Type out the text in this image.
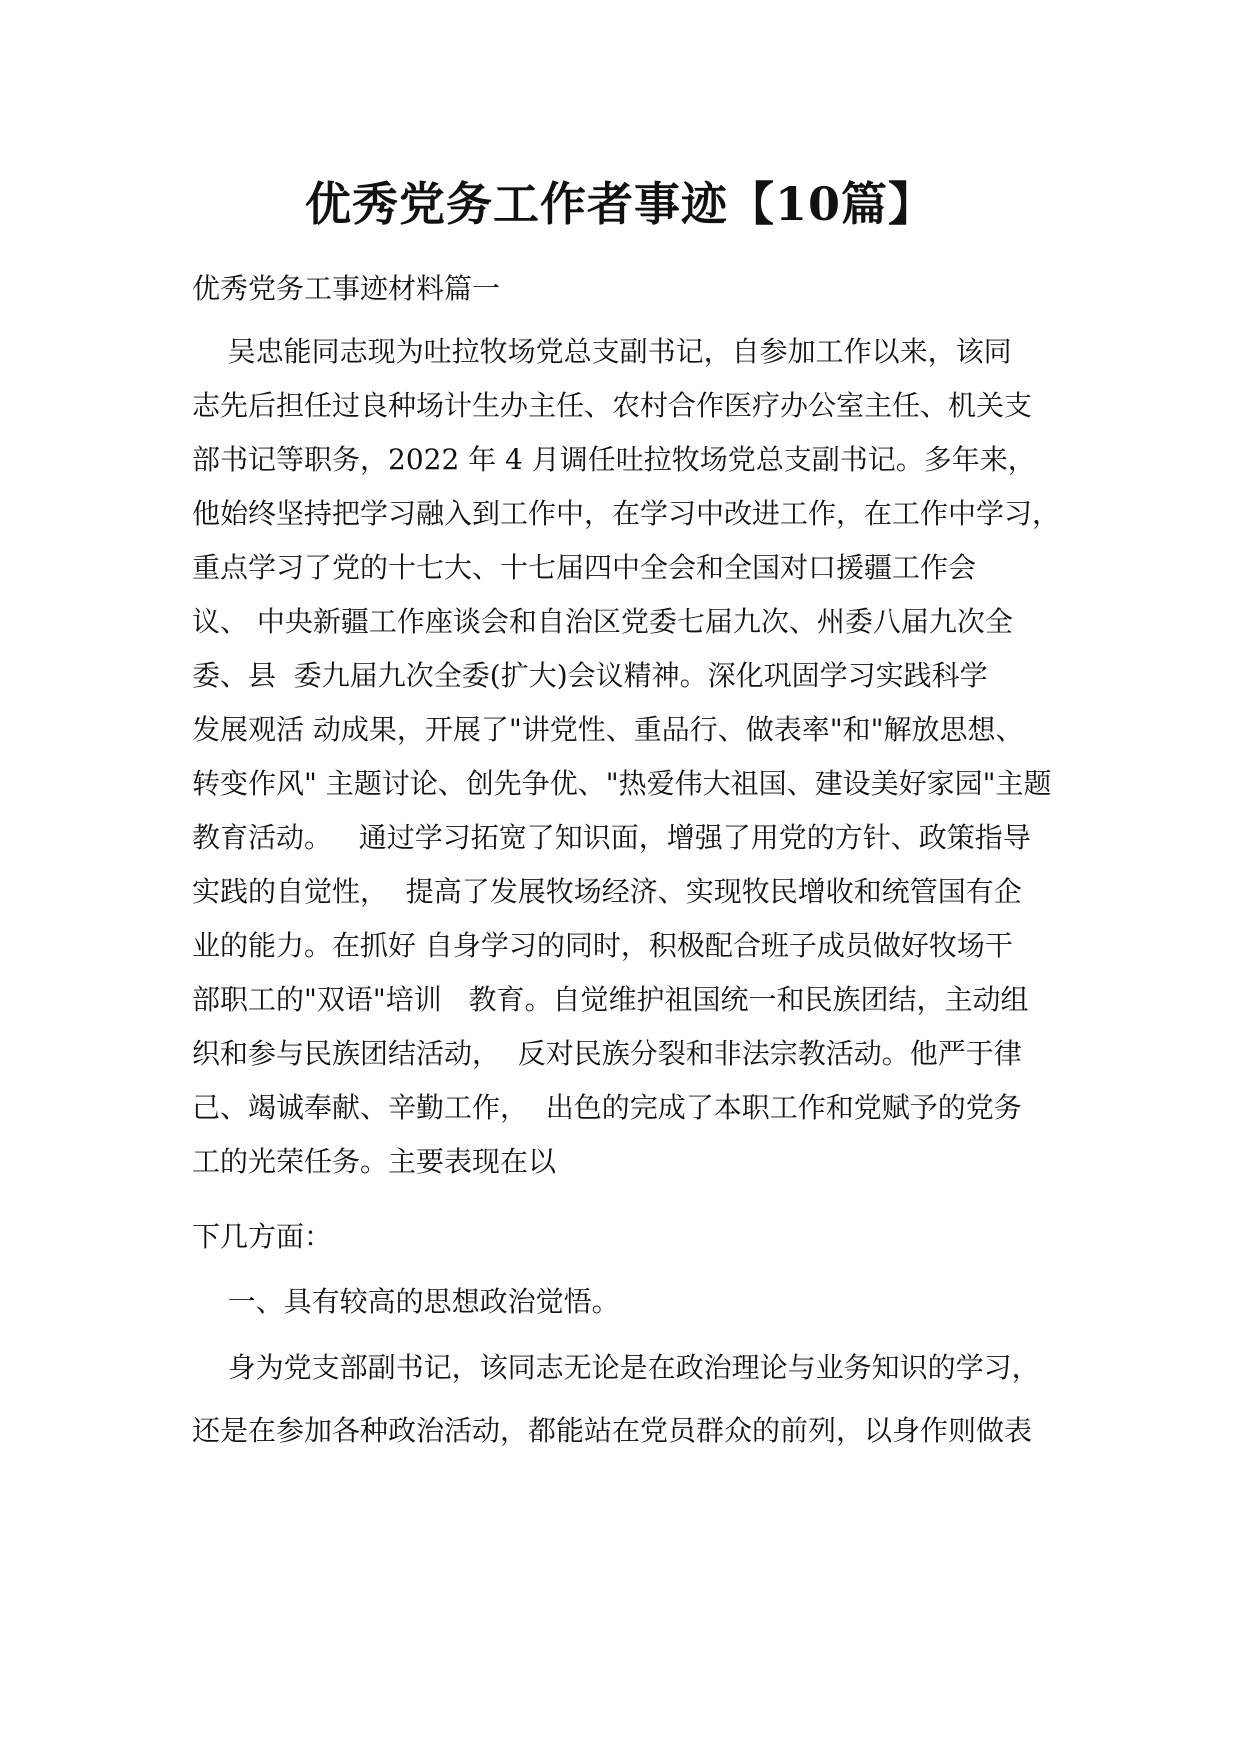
优秀党务工作者事迹【10篇】
优秀党务工事迹材料篇一
吴忠能同志现为吐拉牧场党总支副书记，自参加工作以来，该同
志先后担任过良种场计生办主任、农村合作医疗办公室主任、机关支
部书记等职务，2022 年 4 月调任吐拉牧场党总支副书记。多年来，
他始终坚持把学习融入到工作中，在学习中改进工作，在工作中学习，
重点学习了党的十七大、十七届四中全会和全国对口援疆工作会
议、 中央新疆工作座谈会和自治区党委七届九次、州委八届九次全
委、县  委九届九次全委(扩大)会议精神。深化巩固学习实践科学
发展观活 动成果，开展了"讲党性、重品行、做表率"和"解放思想、
转变作风" 主题讨论、创先争优、"热爱伟大祖国、建设美好家园"主题
教育活动。   通过学习拓宽了知识面，增强了用党的方针、政策指导
实践的自觉性，  提高了发展牧场经济、实现牧民增收和统管国有企
业的能力。在抓好 自身学习的同时，积极配合班子成员做好牧场干
部职工的"双语"培训   教育。自觉维护祖国统一和民族团结，主动组
织和参与民族团结活动，  反对民族分裂和非法宗教活动。他严于律
己、竭诚奉献、辛勤工作，  出色的完成了本职工作和党赋予的党务
工的光荣任务。主要表现在以
下几方面：
一、具有较高的思想政治觉悟。
身为党支部副书记，该同志无论是在政治理论与业务知识的学习，
还是在参加各种政治活动，都能站在党员群众的前列，以身作则做表
